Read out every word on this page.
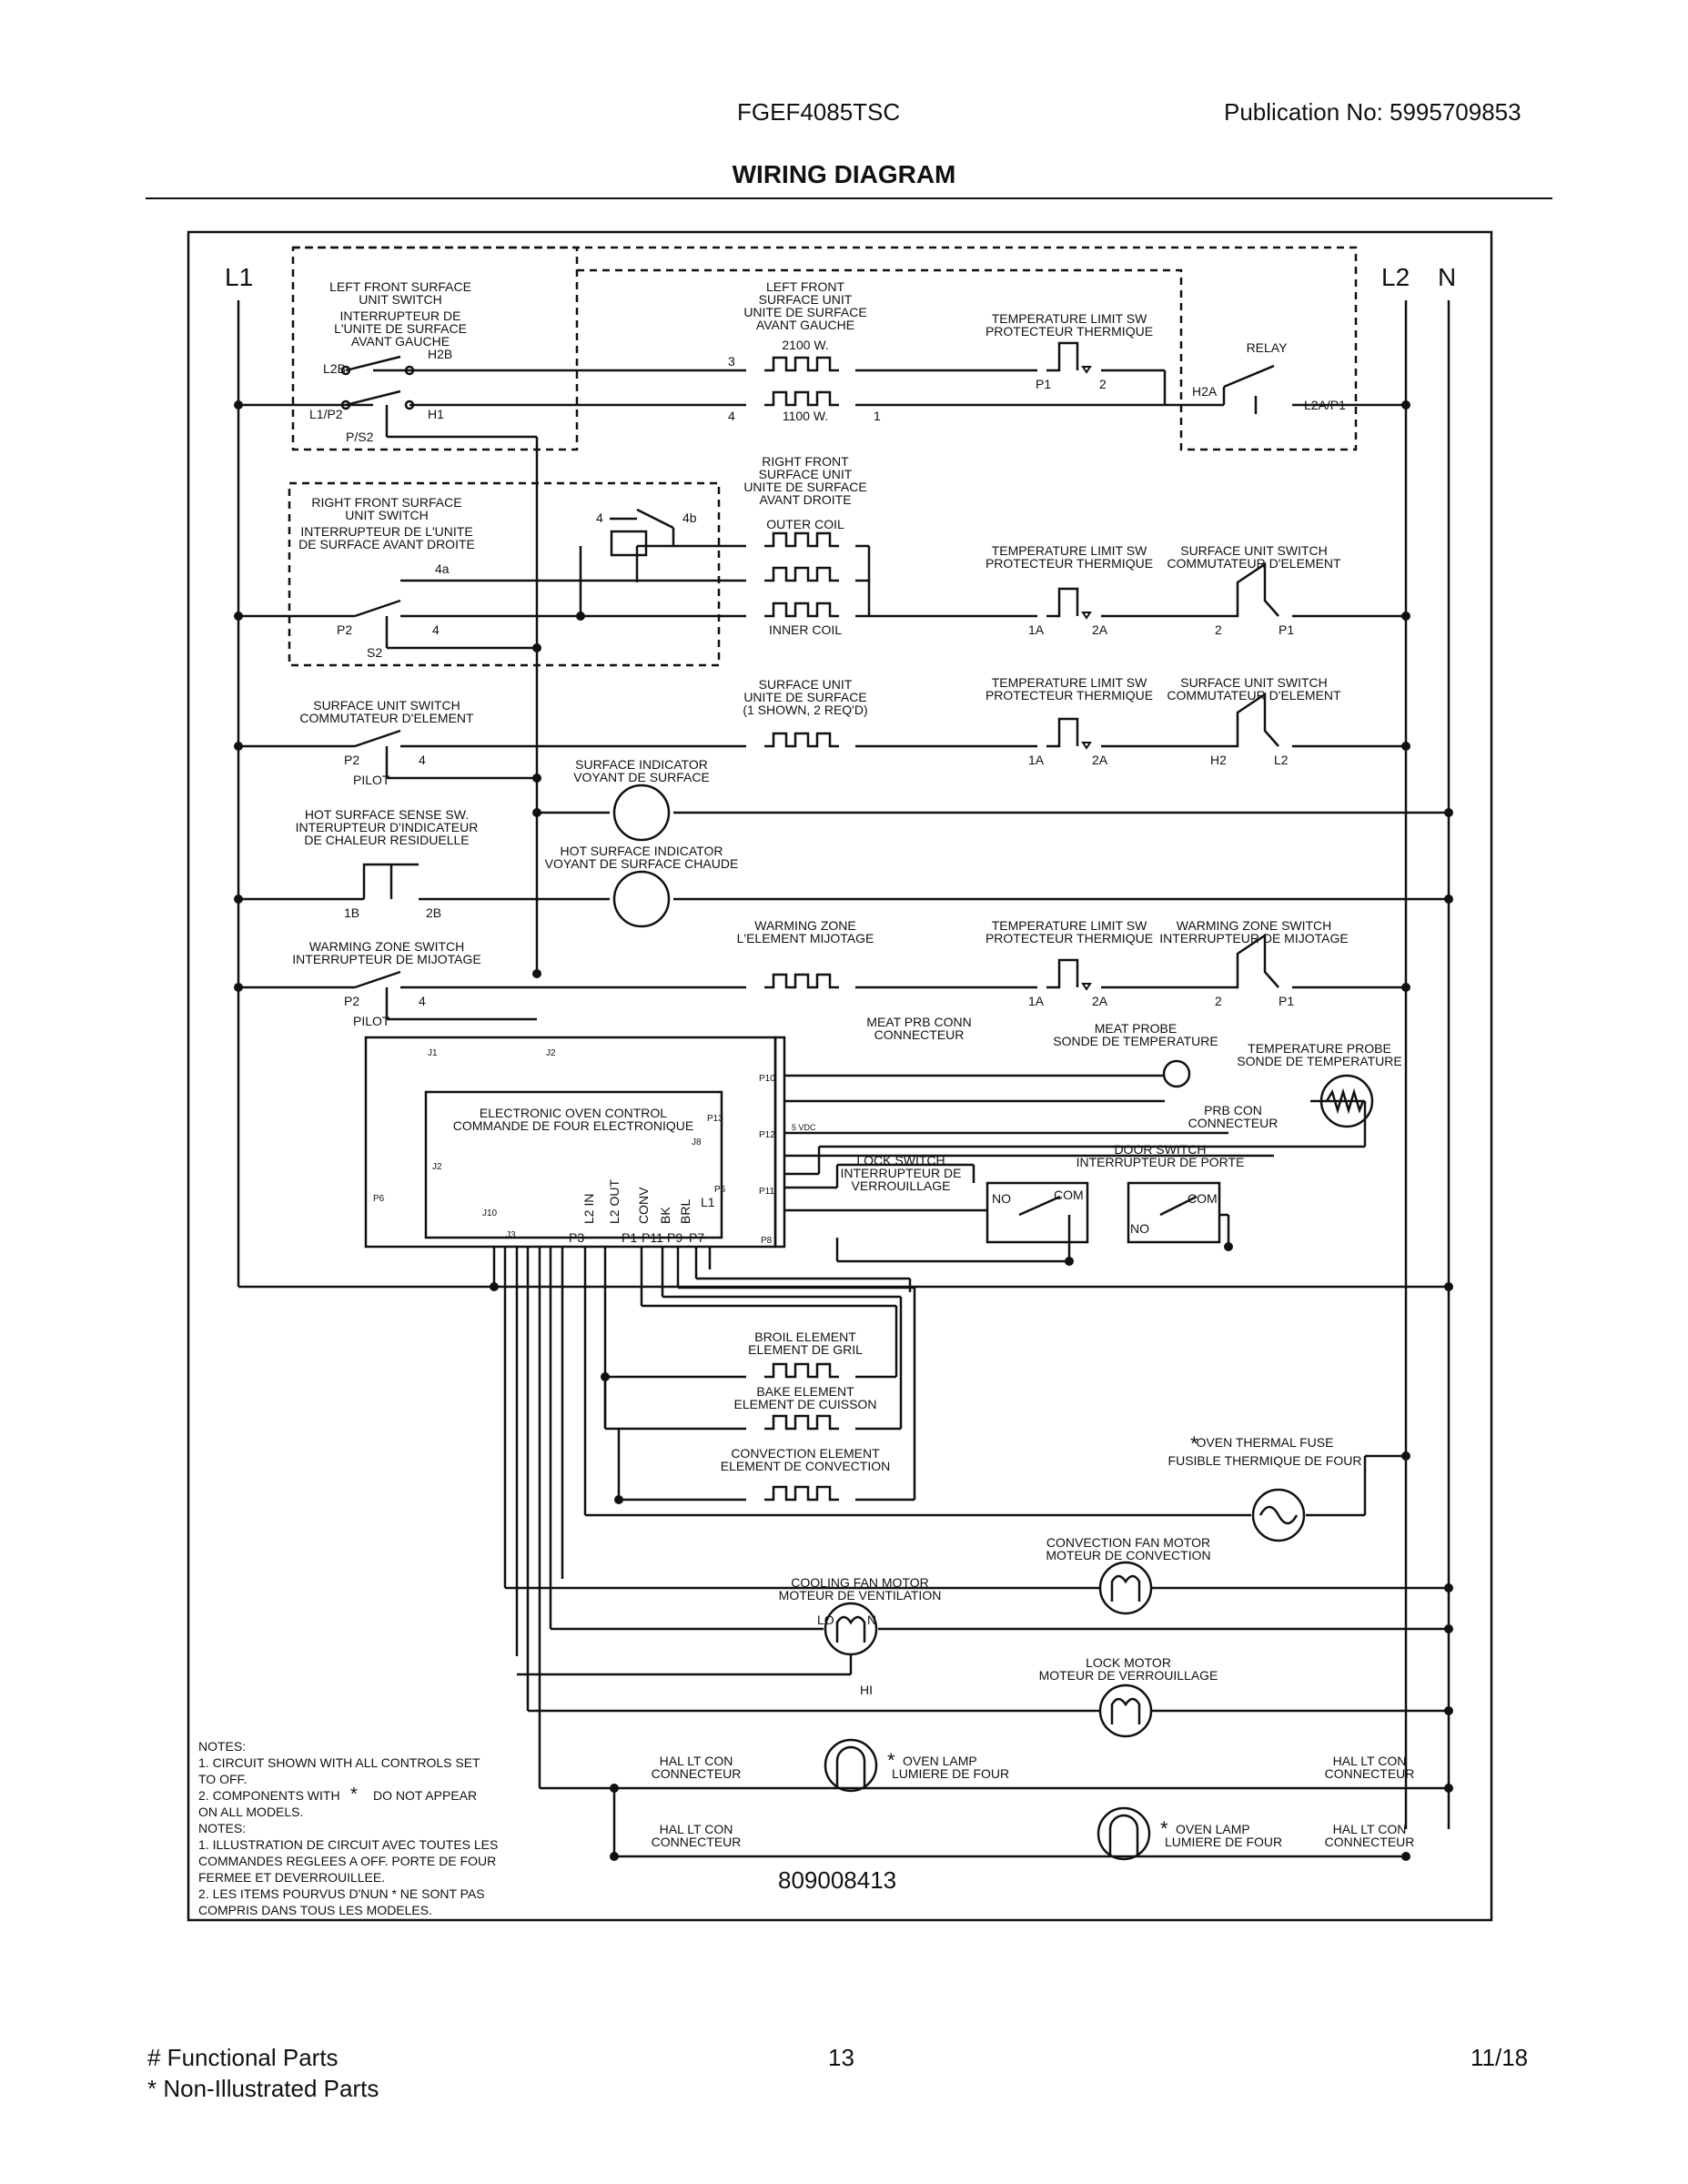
FGEF4085TSC	Publication No: 5995709853
WIRING DIAGRAM
L1	L2 N
LEFT FRONT SURFACE
UNIT SWITCH
INTERRUPTEUR DE
L'UNITE DE SURFACE
AVANT GAUCHE
L2B
H2B
L1/P2	H1
P/S2
LEFT FRONT
SURFACE UNIT
UNITE DE SURFACE
AVANT GAUCHE
2100 W.
1100 W.
3
4	1
TEMPERATURE LIMIT SW
PROTECTEUR THERMIQUE
P1	2
RELAY
H2A
L2A/P1
RIGHT FRONT
SURFACE UNIT
UNITE DE SURFACE
AVANT DROITE
OUTER COIL
INNER COIL
RIGHT FRONT SURFACE
UNIT SWITCH
INTERRUPTEUR DE L'UNITE
DE SURFACE AVANT DROITE
4a
4	4b
P2	4
S2
TEMPERATURE LIMIT SW
PROTECTEUR THERMIQUE
1A	2A
SURFACE UNIT SWITCH
COMMUTATEUR D'ELEMENT
2	P1
SURFACE UNIT SWITCH
COMMUTATEUR D'ELEMENT
P2	4
PILOT
SURFACE UNIT
UNITE DE SURFACE
(1 SHOWN, 2 REQ'D)
TEMPERATURE LIMIT SW
PROTECTEUR THERMIQUE
1A	2A
SURFACE UNIT SWITCH
COMMUTATEUR D'ELEMENT
H2	L2
SURFACE INDICATOR
VOYANT DE SURFACE
HOT SURFACE SENSE SW.
INTERUPTEUR D'INDICATEUR
DE CHALEUR RESIDUELLE
1B	2B
HOT SURFACE INDICATOR
VOYANT DE SURFACE CHAUDE
WARMING ZONE SWITCH
INTERRUPTEUR DE MIJOTAGE
P2	4
PILOT
WARMING ZONE
L'ELEMENT MIJOTAGE
TEMPERATURE LIMIT SW
PROTECTEUR THERMIQUE
1A	2A
WARMING ZONE SWITCH
INTERRUPTEUR DE MIJOTAGE
2	P1
ELECTRONIC OVEN CONTROL
COMMANDE DE FOUR ELECTRONIQUE
J1	J2
J2
P6
J10
J3
P13
J8
P6
L1
P10
P12
P11
P8
5 VDC
P3	P1 P11 P9 P7
L2 IN L2 OUT CONV BK BRL
MEAT PRB CONN
CONNECTEUR	MEAT PROBE
SONDE DE TEMPERATURE TEMPERATURE PROBE
SONDE DE TEMPERATURE
PRB CON
CONNECTEUR
LOCK SWITCH
INTERRUPTEUR DE
VERROUILLAGE
NO	COM
DOOR SWITCH
INTERRUPTEUR DE PORTE
NO
COM
BROIL ELEMENT
ELEMENT DE GRIL
BAKE ELEMENT
ELEMENT DE CUISSON
CONVECTION ELEMENT
ELEMENT DE CONVECTION
*
OVEN THERMAL FUSE
FUSIBLE THERMIQUE DE FOUR
CONVECTION FAN MOTOR
MOTEUR DE CONVECTION
COOLING FAN MOTOR
MOTEUR DE VENTILATION
LO	N
HI
LOCK MOTOR
MOTEUR DE VERROUILLAGE
* OVEN LAMP
LUMIERE DE FOUR
* OVEN LAMP
LUMIERE DE FOUR
HAL LT CON
CONNECTEUR
HAL LT CON
CONNECTEUR
HAL LT CON
CONNECTEUR
HAL LT CON
CONNECTEUR
NOTES:
1. CIRCUIT SHOWN WITH ALL CONTROLS SET
TO OFF.
2. COMPONENTS WITH * DO NOT APPEAR
ON ALL MODELS.
NOTES:
1. ILLUSTRATION DE CIRCUIT AVEC TOUTES LES
COMMANDES REGLEES A OFF. PORTE DE FOUR
FERMEE ET DEVERROUILLEE.
2. LES ITEMS POURVUS D'NUN * NE SONT PAS
COMPRIS DANS TOUS LES MODELES.
809008413
# Functional Parts
* Non-Illustrated Parts
13	11/18
